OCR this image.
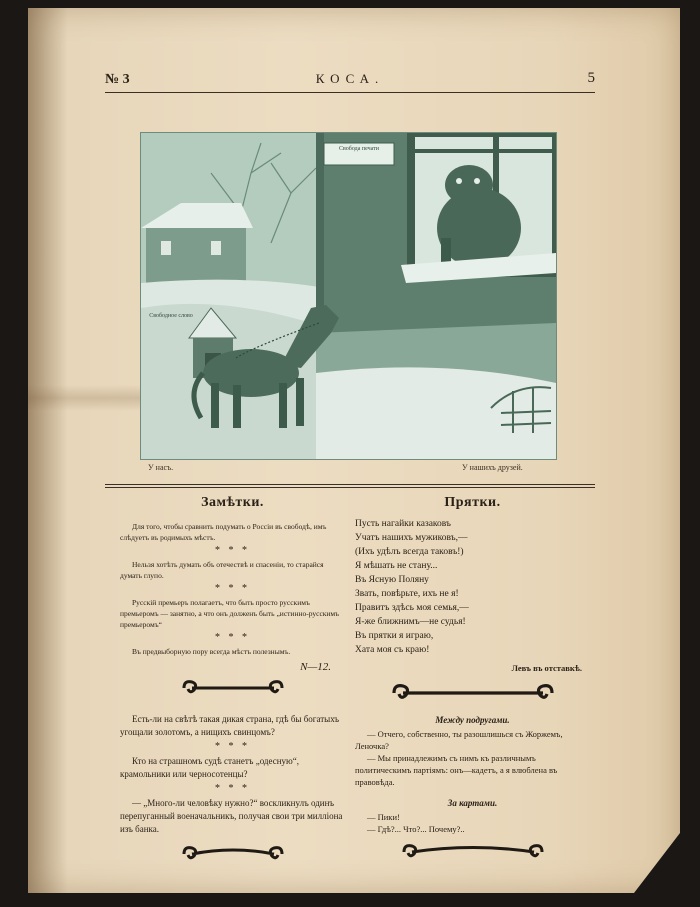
№ 3	КОСА.	5
Свобода печати
Свободное слово
У насъ.	У нашихъ друзей.
Замѣтки.

Для того, чтобы сравнить подумать о Россіи въ свободѣ, имъ слѣдуетъ въ родимыхъ мѣстъ.

* * *

Нельзя хотѣть думать объ отечествѣ и спасеніи, то старайся думать глупо.

* * *

Русскій премьеръ полагаетъ, что быть просто русскимъ премьеромъ — занятно, а что онъ долженъ быть „истинно-русскимъ премьеромъ“

* * *

Въ предвыборную пору всегда мѣстъ полезнымъ.

N—12.

Есть-ли на свѣтѣ такая дикая страна, гдѣ бы богатыхъ угощали золотомъ, а нищихъ свинцомъ?

* * *

Кто на страшномъ судѣ станетъ „одесную“, крамольники или черносотенцы?

* * *

— „Много-ли человѣку нужно?“ воскликнулъ одинъ перепуганный военачальникъ, получая свои три милліона изъ банка.

Прятки.
Пусть нагайки казаковъ
Учатъ нашихъ мужиковъ,—
(Ихъ удѣлъ всегда таковъ!)
Я мѣшать не стану...
Въ Ясную Поляну
Звать, повѣрьте, ихъ не я!
Правитъ здѣсь моя семья,—
Я-же ближнимъ—не судья!
Въ прятки я играю,
Хата моя съ краю!
Левъ въ отставкѣ.
Между подругами.

— Отчего, собственно, ты разошлишься съ Жоржемъ, Леночка?

— Мы принадлежимъ съ нимъ къ различнымъ политическимъ партіямъ: онъ—кадетъ, а я влюблена въ правовѣда.

За картами.

— Пики!

— Гдѣ?... Что?... Почему?..
